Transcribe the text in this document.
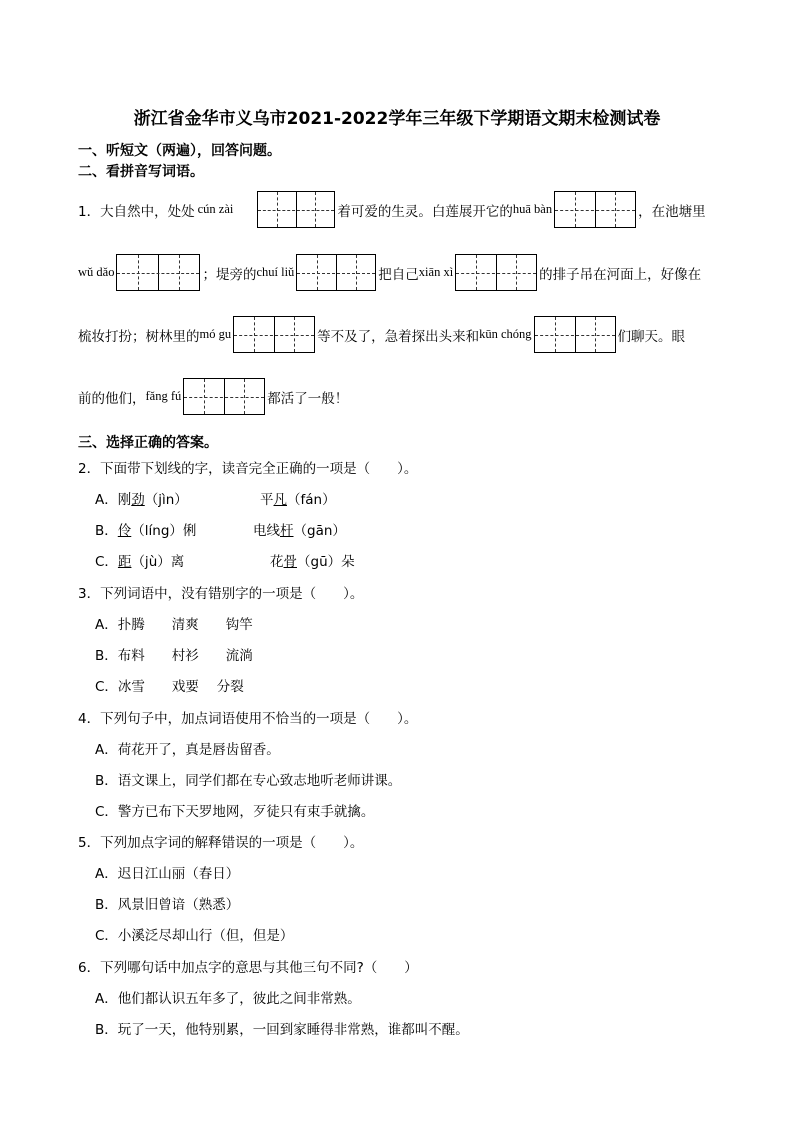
浙江省金华市义乌市2021-2022学年三年级下学期语文期末检测试卷
一、听短文（两遍），回答问题。
二、看拼音写词语。
1． 大自然中，处处 cún zài	着可爱的生灵。白莲展开它的 huā bàn	，在池塘里
wǔ dǎo	；堤旁的 chuí liǔ	把自己 xiān xì	的排子吊在河面上，好像在
梳妆打扮；树林里的 mó gu	等不及了，急着探出头来和 kūn chóng	们聊天。眼
前的他们， fǎng fú	都活了一般！
三、选择正确的答案。
2．下面带下划线的字，读音完全正确的一项是（　　）。
A．刚劲（jìn）	平凡（fán）
B．伶（líng）俐	电线杆（gān）
C．距（jù）离	花骨（gū）朵
3．下列词语中，没有错别字的一项是（　　）。
A．扑腾　　清爽　　钩竿
B．布料　　村衫　　流淌
C．冰雪　　戏要　 分裂
4．下列句子中，加点词语使用不恰当的一项是（　　）。
A．荷花开了，真是唇齿留香。
B．语文课上，同学们都在专心致志地听老师讲课。
C．警方已布下天罗地网，歹徒只有束手就擒。
5．下列加点字词的解释错误的一项是（　　）。
A．迟日江山丽（春日）
B．风景旧曾谙（熟悉）
C．小溪泛尽却山行（但，但是）
6．下列哪句话中加点字的意思与其他三句不同?（　　）
A．他们都认识五年多了，彼此之间非常熟。
B．玩了一天，他特别累，一回到家睡得非常熟，谁都叫不醒。
